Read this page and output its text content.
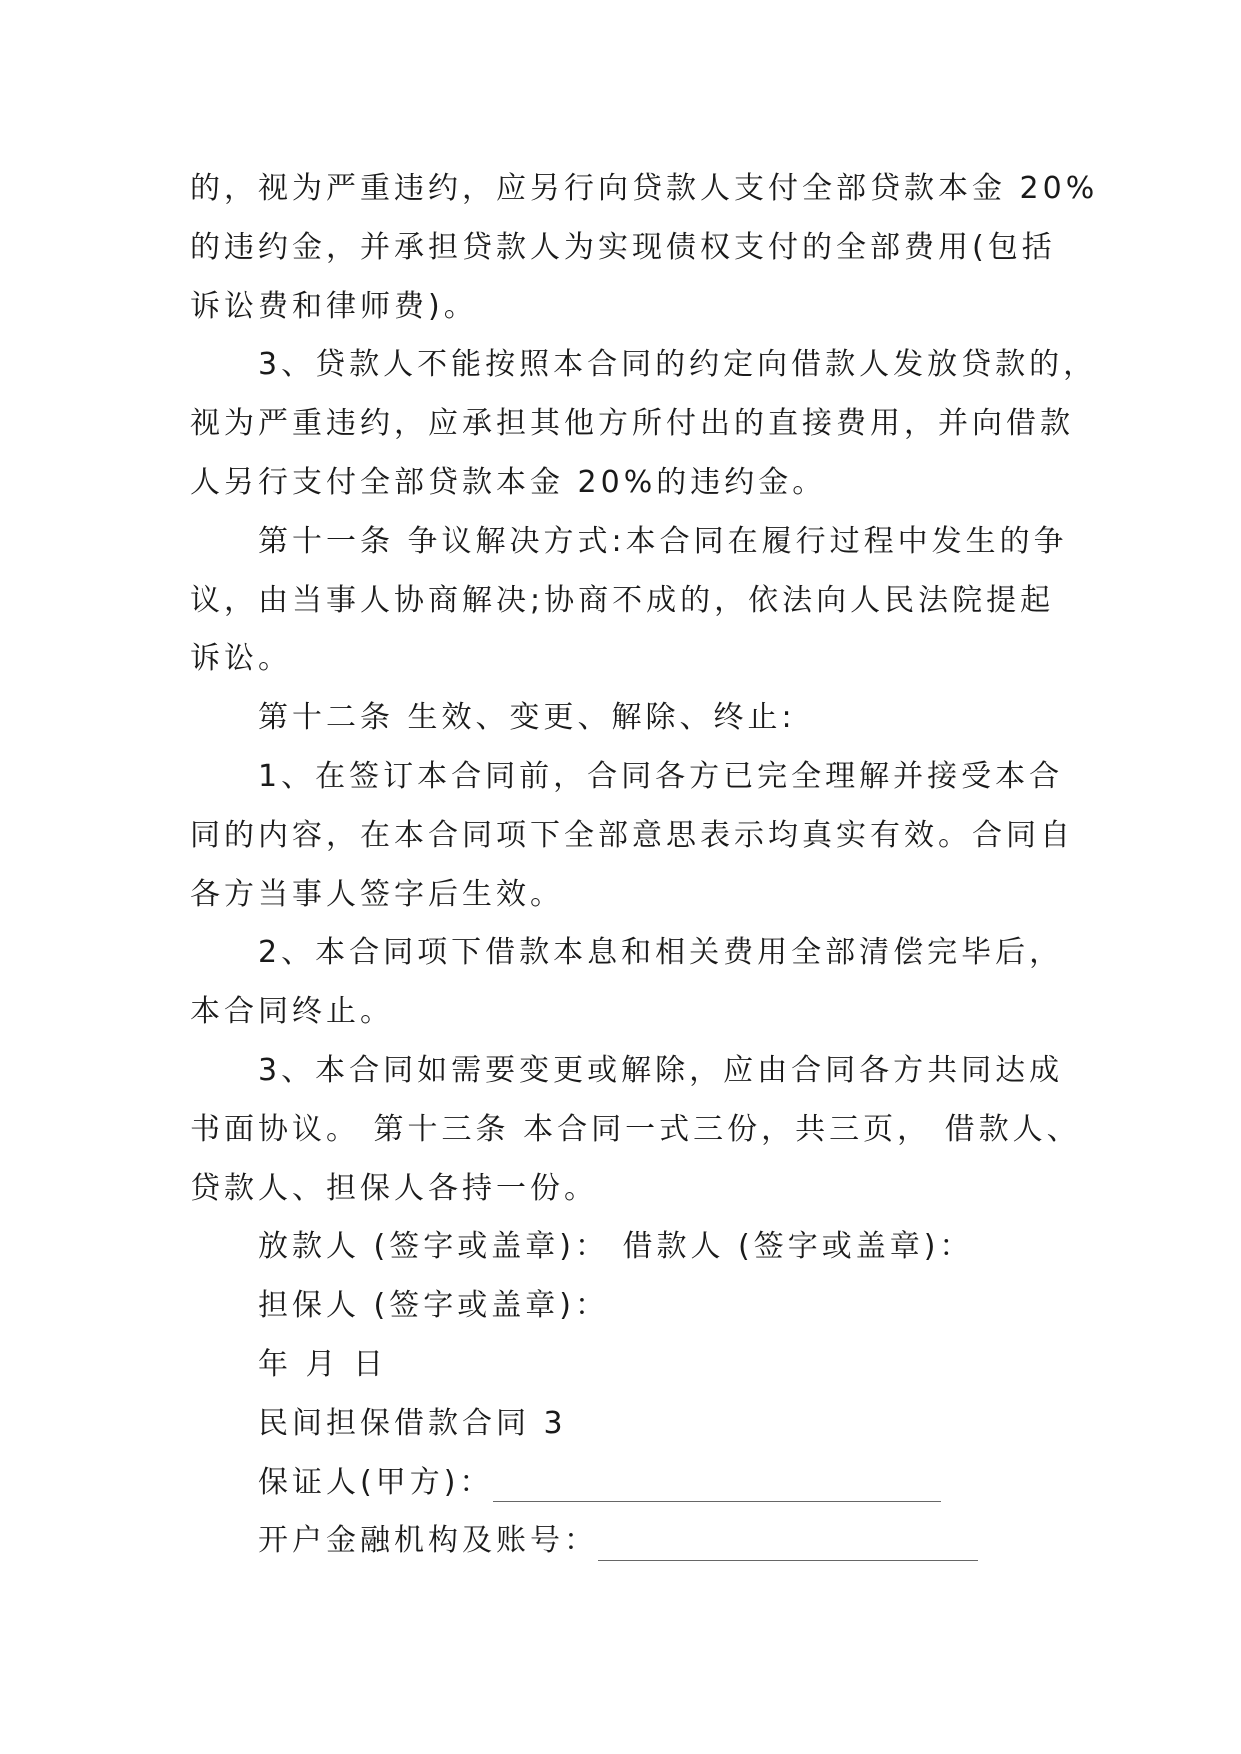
的，视为严重违约，应另行向贷款人支付全部贷款本金 20%
的违约金，并承担贷款人为实现债权支付的全部费用(包括
诉讼费和律师费)。
3、贷款人不能按照本合同的约定向借款人发放贷款的，
视为严重违约，应承担其他方所付出的直接费用，并向借款
人另行支付全部贷款本金 20%的违约金。
第十一条 争议解决方式:本合同在履行过程中发生的争
议，由当事人协商解决;协商不成的，依法向人民法院提起
诉讼。
第十二条 生效、变更、解除、终止:
1、在签订本合同前，合同各方已完全理解并接受本合
同的内容，在本合同项下全部意思表示均真实有效。合同自
各方当事人签字后生效。
2、本合同项下借款本息和相关费用全部清偿完毕后，
本合同终止。
3、本合同如需要变更或解除，应由合同各方共同达成
书面协议。 第十三条 本合同一式三份，共三页， 借款人、
贷款人、担保人各持一份。
放款人 (签字或盖章)： 借款人 (签字或盖章)：
担保人 (签字或盖章)：
年 月 日
民间担保借款合同 3
保证人(甲方)：
开户金融机构及账号：
